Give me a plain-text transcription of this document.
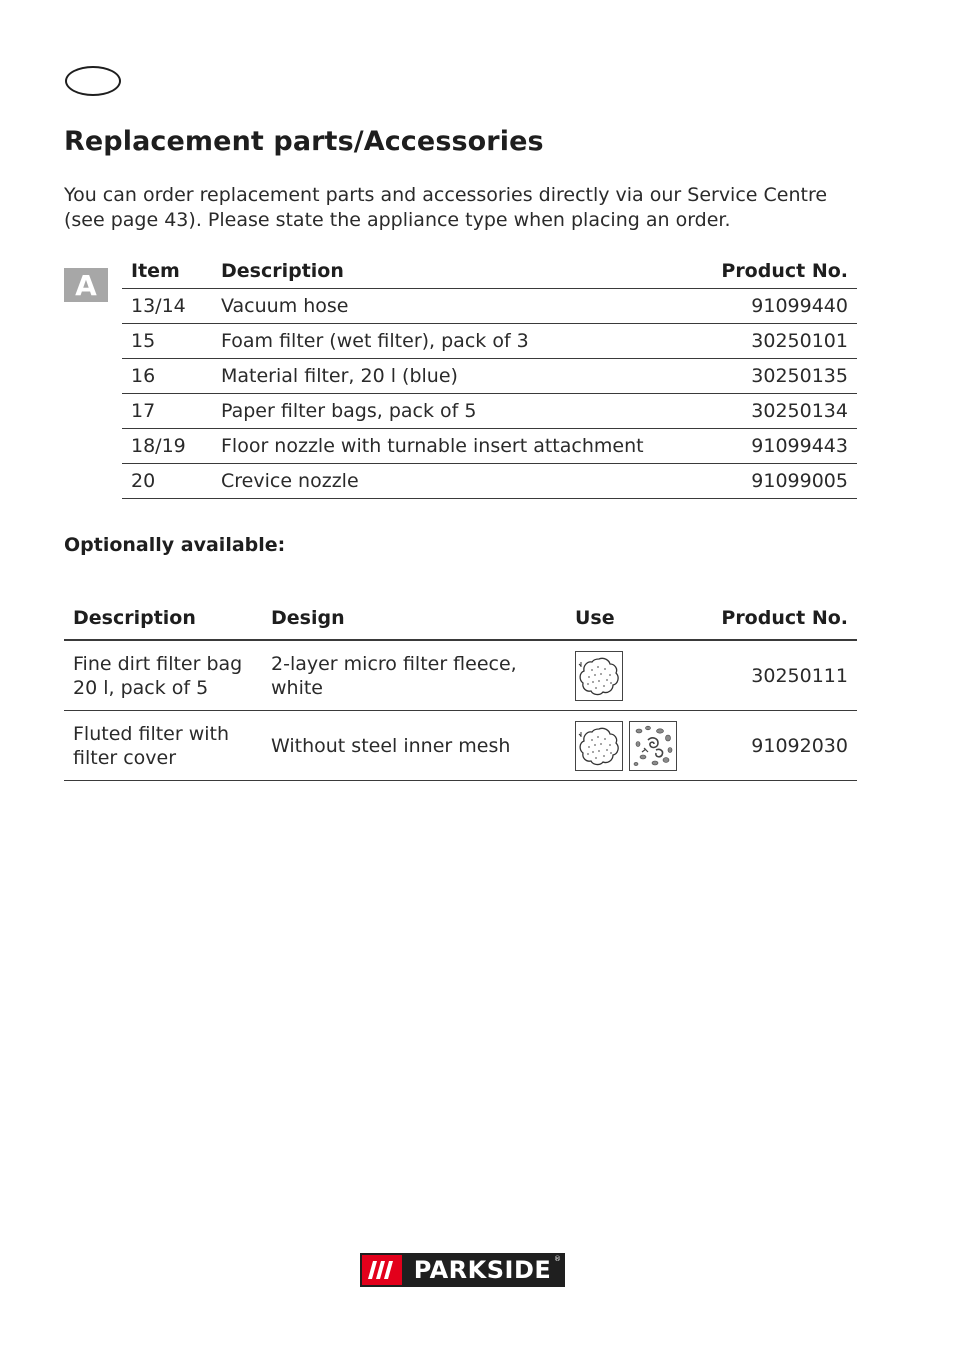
Replacement parts/Accessories

You can order replacement parts and accessories directly via our Service Centre (see page 43). Please state the appliance type when placing an order.

A	Item	Description	Product No.
13/14	Vacuum hose	91099440
15	Foam filter (wet filter), pack of 3	30250101
16	Material filter, 20 l (blue)	30250135
17	Paper filter bags, pack of 5	30250134
18/19	Floor nozzle with turnable insert attachment	91099443
20	Crevice nozzle	91099005
Optionally available:
Description	Design	Use	Product No.
Fine dirt filter bag
20 l, pack of 5	2-layer micro filter fleece, white		30250111
Fluted filter with
filter cover	Without steel inner mesh		91092030
PARKSIDE ®
